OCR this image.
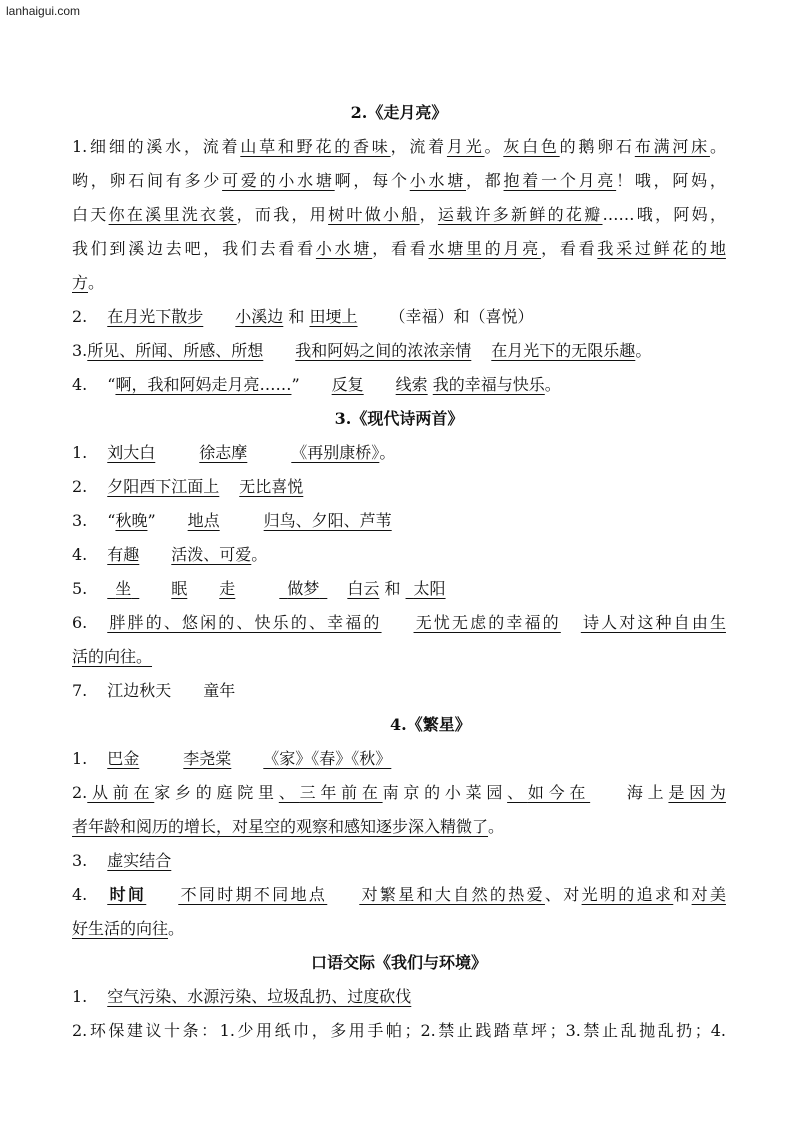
lanhaigui.com
2.《走月亮》
1.细细的溪水，流着山草和野花的香味，流着月光。灰白色的鹅卵石布满河床。
哟，卵石间有多少可爱的小水塘啊，每个小水塘，都抱着一个月亮！哦，阿妈，
白天你在溪里洗衣裳，而我，用树叶做小船，运载许多新鲜的花瓣……哦，阿妈，
我们到溪边去吧，我们去看看小水塘，看看水塘里的月亮，看看我采过鲜花的地
方。
2. 在月光下散步 小溪边 和 田埂上 （幸福）和（喜悦）
3.所见、所闻、所感、所想 我和阿妈之间的浓浓亲情 在月光下的无限乐趣。
4. “啊，我和阿妈走月亮……” 反复 线索 我的幸福与快乐。
3.《现代诗两首》
1. 刘大白	徐志摩	《再别康桥》。
2. 夕阳西下江面上 无比喜悦
3. “秋晚” 地点	归鸟、夕阳、芦苇
4. 有趣 活泼、可爱。
5.  坐 	眠 走 	做梦  白云 和   太阳
6. 胖胖的、悠闲的、快乐的、幸福的 无忧无虑的幸福的 诗人对这种自由生
活的向往。
7. 江边秋天 童年
4.《繁星》
1. 巴金	李尧棠 《家》《春》《秋》
2.从前在家乡的庭院里、三年前在南京的小菜园、如今在 海上是因为
者年龄和阅历的增长，对星空的观察和感知逐步深入精微了。
3. 虚实结合
4. 时间 不同时期不同地点 对繁星和大自然的热爱、对光明的追求和对美
好生活的向往。
口语交际《我们与环境》
1. 空气污染、水源污染、垃圾乱扔、过度砍伐
2.环保建议十条：1.少用纸巾，多用手帕；2.禁止践踏草坪；3.禁止乱抛乱扔；4.
